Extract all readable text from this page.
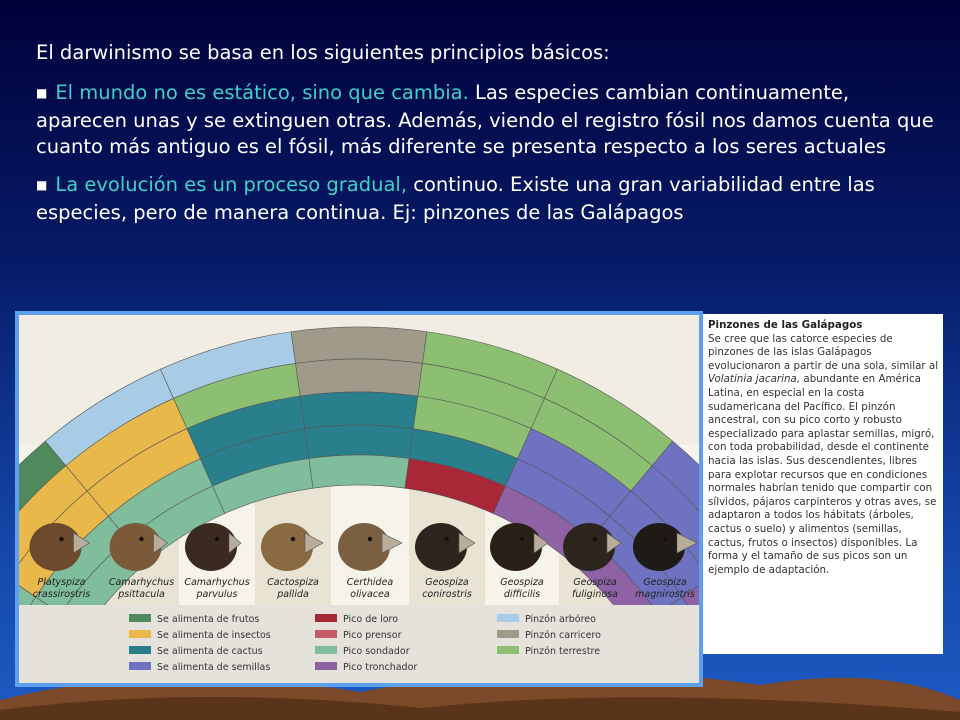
El darwinismo se basa en los siguientes principios básicos:

■ El mundo no es estático, sino que cambia. Las especies cambian continuamente, aparecen unas y se extinguen otras. Además, viendo el registro fósil nos damos cuenta que cuanto más antiguo es el fósil, más diferente se presenta respecto a los seres actuales

■ La evolución es un proceso gradual, continuo. Existe una gran variabilidad entre las especies, pero de manera continua. Ej: pinzones de las Galápagos

Platyspiza
crassirostris
Camarhychus
psittacula
Camarhychus
parvulus
Cactospiza
pallida
Certhidea
olivacea
Geospiza
conirostris
Geospiza
difficilis
Geospiza
fuliginosa
Geospiza
magnirostris
Se alimenta de frutos
Se alimenta de insectos
Se alimenta de cactus
Se alimenta de semillas
Pico de loro
Pico prensor
Pico sondador
Pico tronchador
Pinzón arbóreo
Pinzón carricero
Pinzón terrestre
Pinzones de las Galápagos
Se cree que las catorce especies de pinzones de las islas Galápagos evolucionaron a partir de una sola, similar al Volatinia jacarina, abundante en América Latina, en especial en la costa sudamericana del Pacífico. El pinzón ancestral, con su pico corto y robusto especializado para aplastar semillas, migró, con toda probabilidad, desde el continente hacia las islas. Sus descendientes, libres para explotar recursos que en condiciones normales habrían tenido que compartir con sílvidos, pájaros carpinteros y otras aves, se adaptaron a todos los hábitats (árboles, cactus o suelo) y alimentos (semillas, cactus, frutos o insectos) disponibles. La forma y el tamaño de sus picos son un ejemplo de adaptación.
